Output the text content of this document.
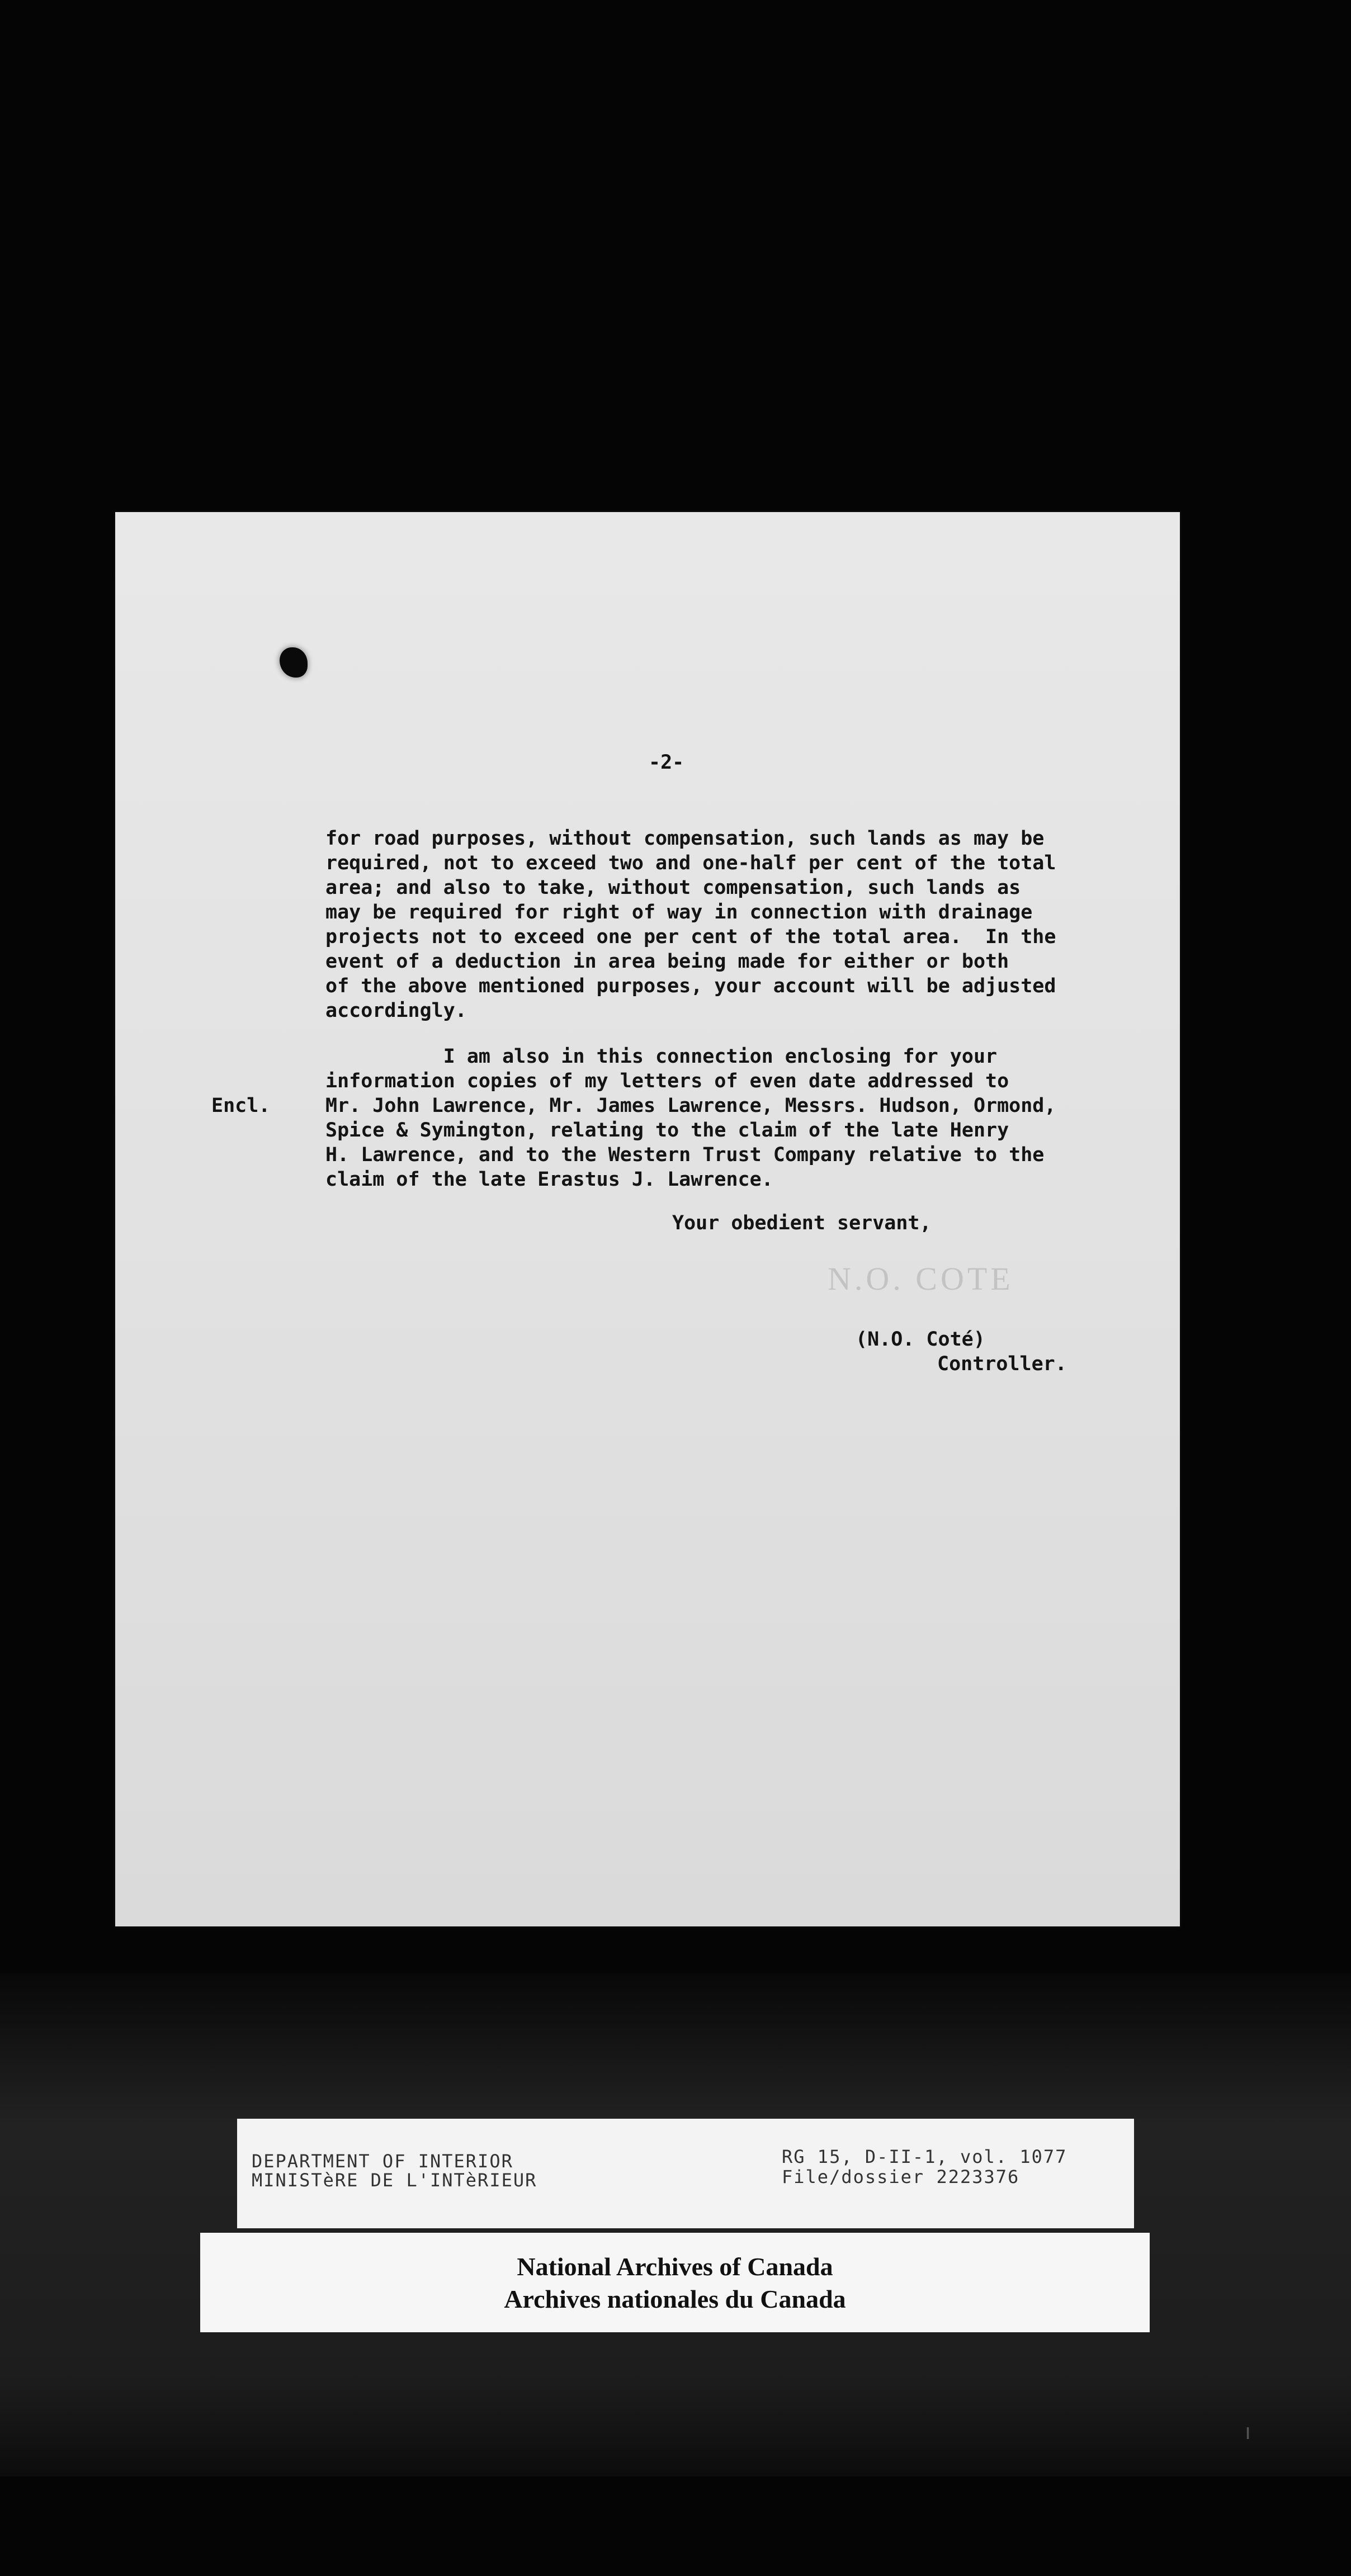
-2-

for road purposes, without compensation, such lands as may be

required, not to exceed two and one-half per cent of the total

area; and also to take, without compensation, such lands as

may be required for right of way in connection with drainage

projects not to exceed one per cent of the total area.  In the

event of a deduction in area being made for either or both

of the above mentioned purposes, your account will be adjusted

accordingly.

Encl.

I am also in this connection enclosing for your

information copies of my letters of even date addressed to

Mr. John Lawrence, Mr. James Lawrence, Messrs. Hudson, Ormond,

Spice & Symington, relating to the claim of the late Henry

H. Lawrence, and to the Western Trust Company relative to the

claim of the late Erastus J. Lawrence.

Your obedient servant,

N.O. COTE

(N.O. Coté)

Controller.

DEPARTMENT OF INTERIOR

MINISTèRE DE L'INTèRIEUR

RG 15, D-II-1, vol. 1077

File/dossier 2223376

National Archives of Canada

Archives nationales du Canada

ı
